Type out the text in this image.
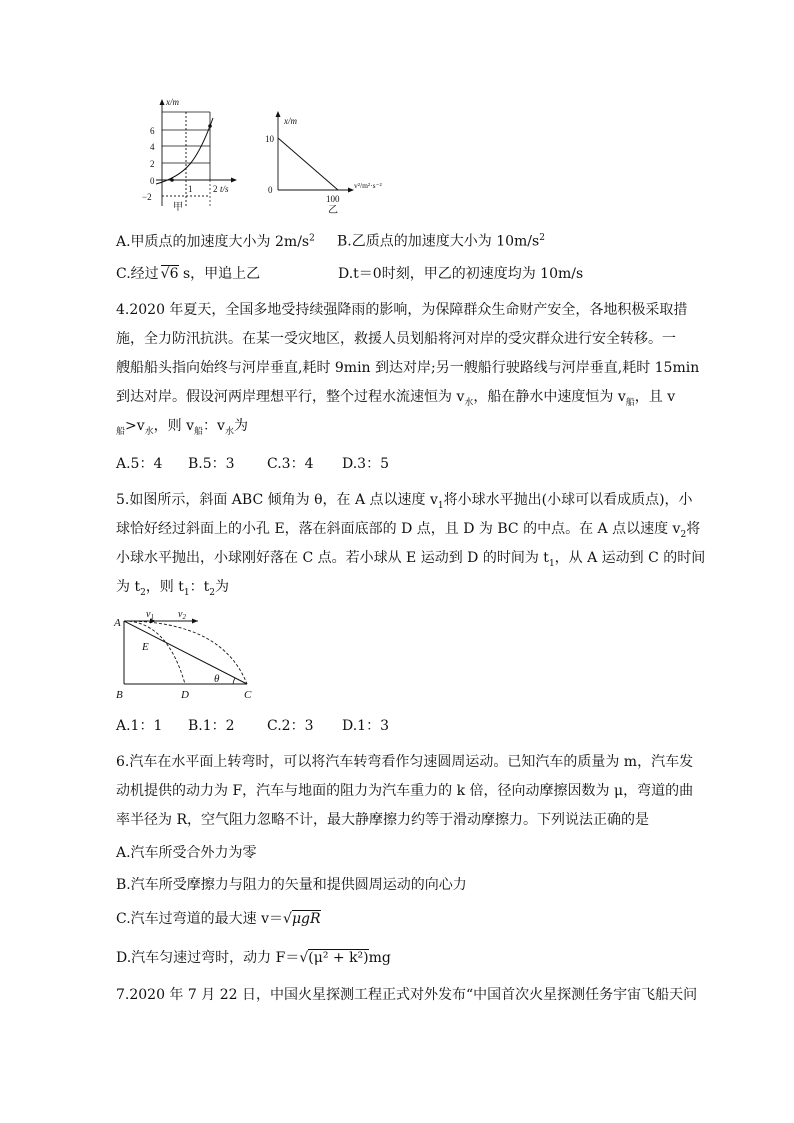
x/m
t/s
6
4
2
0
−2
1 2
甲
x/m
v²/m²·s⁻²
10
0
100
乙
A.甲质点的加速度大小为 $2m/s^2$ B.乙质点的加速度大小为 $10m/s^2$
C.经过 √6 s，甲追上乙	D.t＝0时刻，甲乙的初速度均为 10m/s
4.2020 年夏天，全国多地受持续强降雨的影响，为保障群众生命财产安全，各地积极采取措
施，全力防汛抗洪。在某一受灾地区，救援人员划船将河对岸的受灾群众进行安全转移。一
艘船船头指向始终与河岸垂直,耗时 9min 到达对岸;另一艘船行驶路线与河岸垂直,耗时 15min
到达对岸。假设河两岸理想平行，整个过程水流速恒为 $v_水$，船在静水中速度恒为 $v_船$，且 v
$_船>v_水$，则 $v_船$：$v_水$为
A.5：4 B.5：3 C.3：4 D.3：5
5.如图所示，斜面 ABC 倾角为 θ，在 A 点以速度 $v_1$将小球水平抛出(小球可以看成质点)，小
球恰好经过斜面上的小孔 E，落在斜面底部的 D 点，且 D 为 BC 的中点。在 A 点以速度 $v_2$将
小球水平抛出，小球刚好落在 C 点。若小球从 E 运动到 D 的时间为 $t_1$，从 A 运动到 C 的时间
为 $t_2$，则 $t_1$：$t_2$为
A
B	C
D
E
θ
$v_1$ $v_2$
A.1：1 B.1：2 C.2：3 D.1：3
6.汽车在水平面上转弯时，可以将汽车转弯看作匀速圆周运动。已知汽车的质量为 m，汽车发
动机提供的动力为 F，汽车与地面的阻力为汽车重力的 k 倍，径向动摩擦因数为 μ，弯道的曲
率半径为 R，空气阻力忽略不计，最大静摩擦力约等于滑动摩擦力。下列说法正确的是
A.汽车所受合外力为零
B.汽车所受摩擦力与阻力的矢量和提供圆周运动的向心力
C.汽车过弯道的最大速 v＝√μgR
D.汽车匀速过弯时，动力 F＝√(μ² + k²)mg
7.2020 年 7 月 22 日，中国火星探测工程正式对外发布“中国首次火星探测任务宇宙飞船天问
